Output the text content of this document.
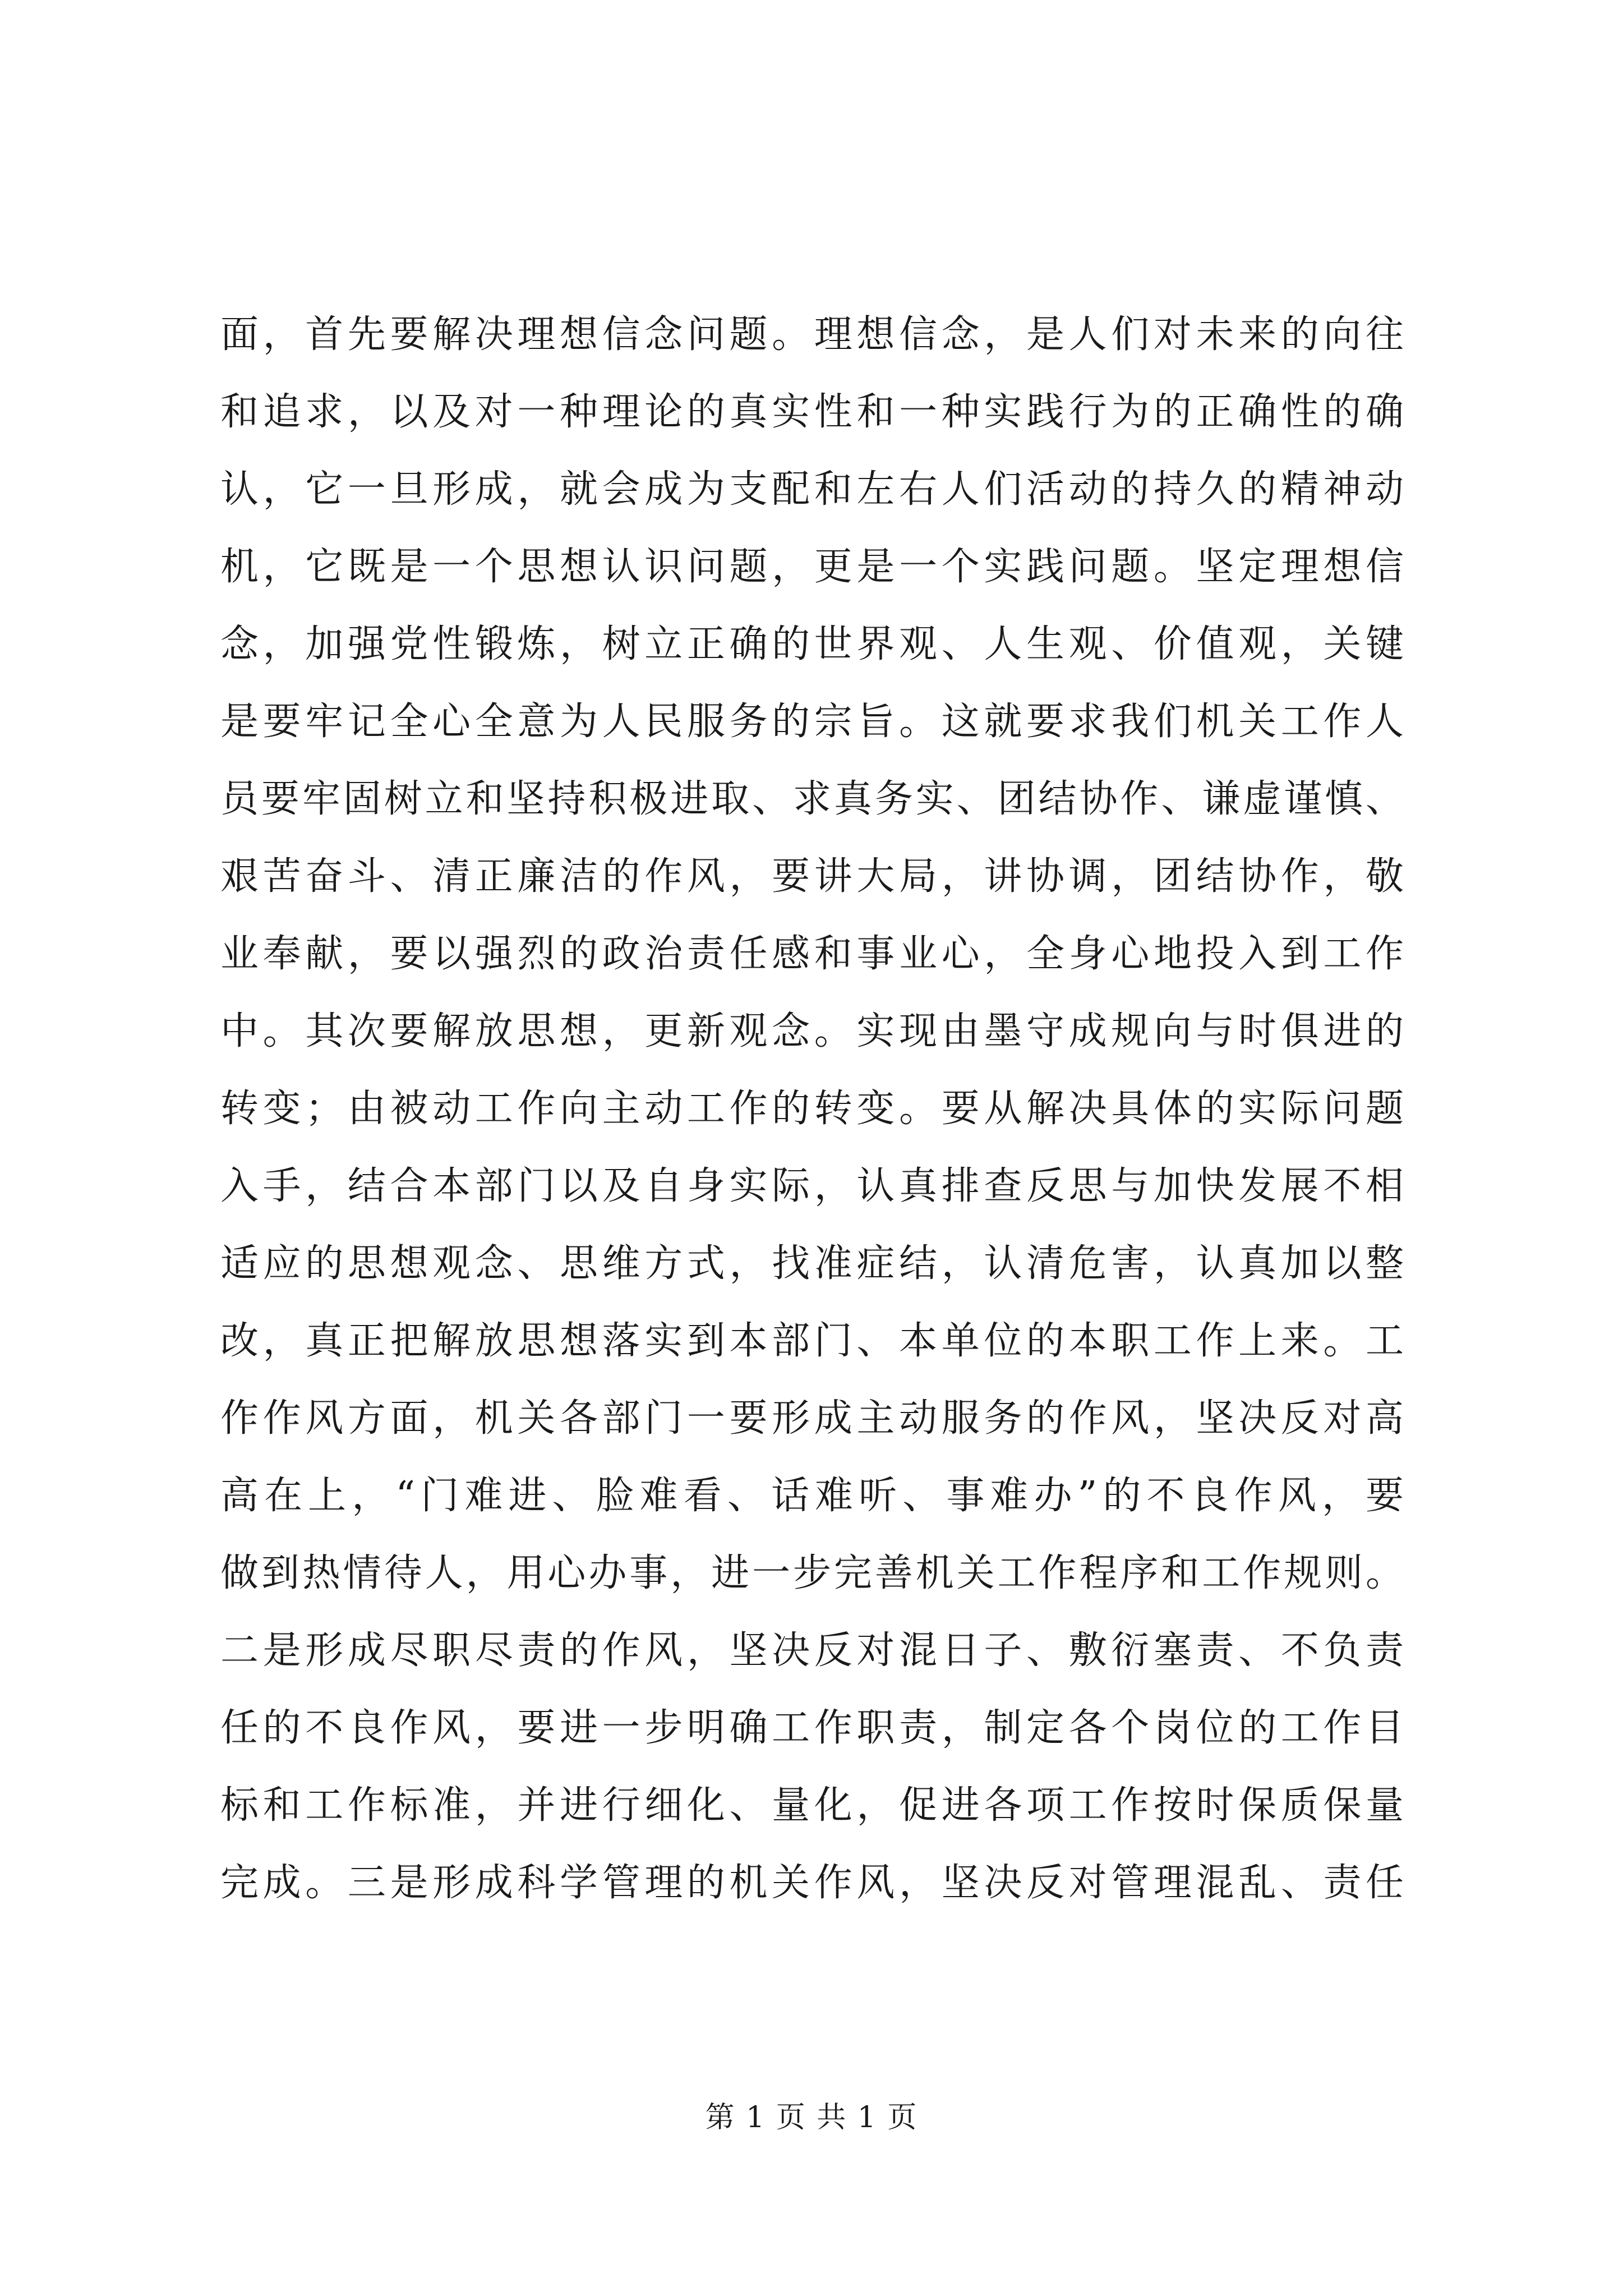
面，首先要解决理想信念问题。理想信念，是人们对未来的向往
和追求，以及对一种理论的真实性和一种实践行为的正确性的确
认，它一旦形成，就会成为支配和左右人们活动的持久的精神动
机，它既是一个思想认识问题，更是一个实践问题。坚定理想信
念，加强党性锻炼，树立正确的世界观、人生观、价值观，关键
是要牢记全心全意为人民服务的宗旨。这就要求我们机关工作人
员要牢固树立和坚持积极进取、求真务实、团结协作、谦虚谨慎、
艰苦奋斗、清正廉洁的作风，要讲大局，讲协调，团结协作，敬
业奉献，要以强烈的政治责任感和事业心，全身心地投入到工作
中。其次要解放思想，更新观念。实现由墨守成规向与时俱进的
转变；由被动工作向主动工作的转变。要从解决具体的实际问题
入手，结合本部门以及自身实际，认真排查反思与加快发展不相
适应的思想观念、思维方式，找准症结，认清危害，认真加以整
改，真正把解放思想落实到本部门、本单位的本职工作上来。工
作作风方面，机关各部门一要形成主动服务的作风，坚决反对高
高在上，“门难进、脸难看、话难听、事难办”的不良作风，要
做到热情待人，用心办事，进一步完善机关工作程序和工作规则。
二是形成尽职尽责的作风，坚决反对混日子、敷衍塞责、不负责
任的不良作风，要进一步明确工作职责，制定各个岗位的工作目
标和工作标准，并进行细化、量化，促进各项工作按时保质保量
完成。三是形成科学管理的机关作风，坚决反对管理混乱、责任
第 1 页 共 1 页
